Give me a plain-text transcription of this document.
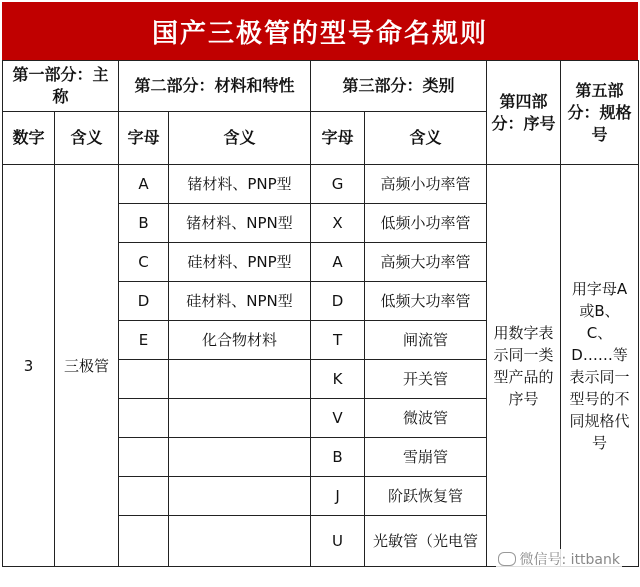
国产三极管的型号命名规则
第一部分：主称		第二部分：材料和特性		第三部分：类别		第四部分：序号	第五部分：规格号
数字	含义	字母	含义	字母	含义		
3	三极管	A	锗材料、PNP型	G	高频小功率管	用数字表示同一类型产品的序号	用字母A或B、C、D……等表示同一型号的不同规格代号
		B	锗材料、NPN型	X	低频小功率管		
		C	硅材料、PNP型	A	高频大功率管		
		D	硅材料、NPN型	D	低频大功率管		
		E	化合物材料	T	闸流管		
				K	开关管		
				V	微波管		
				B	雪崩管		
				J	阶跃恢复管		
				U	光敏管（光电管		
微信号: ittbank
